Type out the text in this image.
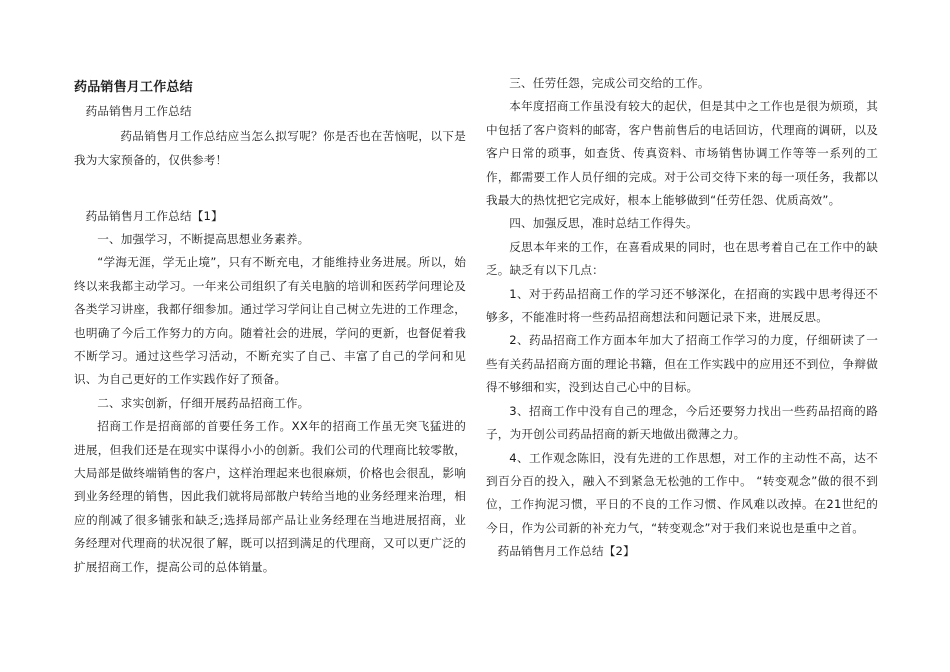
药品销售月工作总结

药品销售月工作总结

药品销售月工作总结应当怎么拟写呢？你是否也在苦恼呢，以下是我为大家预备的，仅供参考！

药品销售月工作总结【1】

一、加强学习，不断提高思想业务素养。

“学海无涯，学无止境”，只有不断充电，才能维持业务进展。所以，始终以来我都主动学习。一年来公司组织了有关电脑的培训和医药学问理论及各类学习讲座，我都仔细参加。通过学习学问让自己树立先进的工作理念，也明确了今后工作努力的方向。随着社会的进展，学问的更新，也督促着我不断学习。通过这些学习活动，不断充实了自己、丰富了自己的学问和见识、为自己更好的工作实践作好了预备。

二、求实创新，仔细开展药品招商工作。

招商工作是招商部的首要任务工作。XX年的招商工作虽无突飞猛进的进展，但我们还是在现实中谋得小小的创新。我们公司的代理商比较零散，大局部是做终端销售的客户，这样治理起来也很麻烦，价格也会很乱，影响到业务经理的销售，因此我们就将局部散户转给当地的业务经理来治理，相应的削减了很多铺张和缺乏;选择局部产品让业务经理在当地进展招商，业务经理对代理商的状况很了解，既可以招到满足的代理商，又可以更广泛的扩展招商工作，提高公司的总体销量。

三、任劳任怨，完成公司交给的工作。

本年度招商工作虽没有较大的起伏，但是其中之工作也是很为烦琐，其中包括了客户资料的邮寄，客户售前售后的电话回访，代理商的调研，以及客户日常的琐事，如查货、传真资料、市场销售协调工作等等一系列的工作，都需要工作人员仔细的完成。对于公司交待下来的每一项任务，我都以我最大的热忱把它完成好，根本上能够做到“任劳任怨、优质高效”。

四、加强反思，准时总结工作得失。

反思本年来的工作，在喜看成果的同时，也在思考着自己在工作中的缺乏。缺乏有以下几点：

1、对于药品招商工作的学习还不够深化，在招商的实践中思考得还不够多，不能准时将一些药品招商想法和问题记录下来，进展反思。

2、药品招商工作方面本年加大了招商工作学习的力度，仔细研读了一些有关药品招商方面的理论书籍，但在工作实践中的应用还不到位，争辩做得不够细和实，没到达自己心中的目标。

3、招商工作中没有自己的理念，今后还要努力找出一些药品招商的路子，为开创公司药品招商的新天地做出微薄之力。

4、工作观念陈旧，没有先进的工作思想，对工作的主动性不高，达不到百分百的投入，融入不到紧急无松弛的工作中。 “转变观念”做的很不到位，工作拘泥习惯，平日的不良的工作习惯、作风难以改掉。在21世纪的今日，作为公司新的补充力气，“转变观念”对于我们来说也是重中之首。

药品销售月工作总结【2】
